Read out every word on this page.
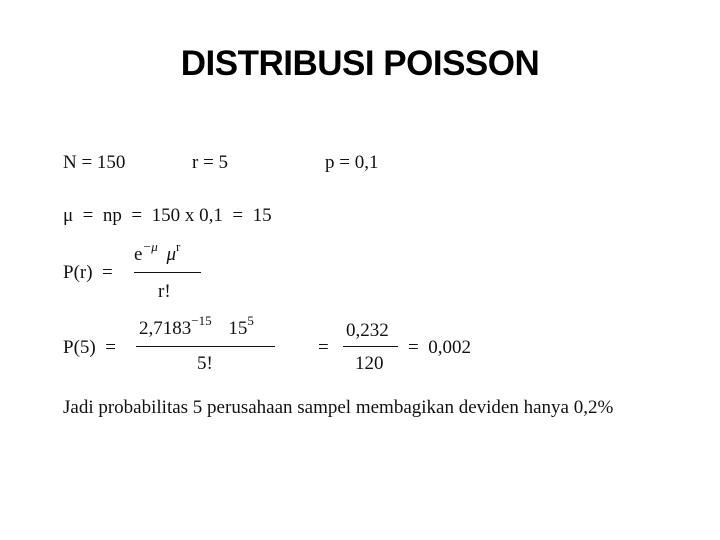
DISTRIBUSI POISSON
N = 150	r = 5	p = 0,1
μ  =  np  =  150 x 0,1  =  15
P(r)  =
$e^{-\mu}$ $\mu^r$
r!
P(5)  =
$2,7183^{-15}$ $15^5$
5!
=
0,232
120
=  0,002
Jadi probabilitas 5 perusahaan sampel membagikan deviden hanya 0,2%
